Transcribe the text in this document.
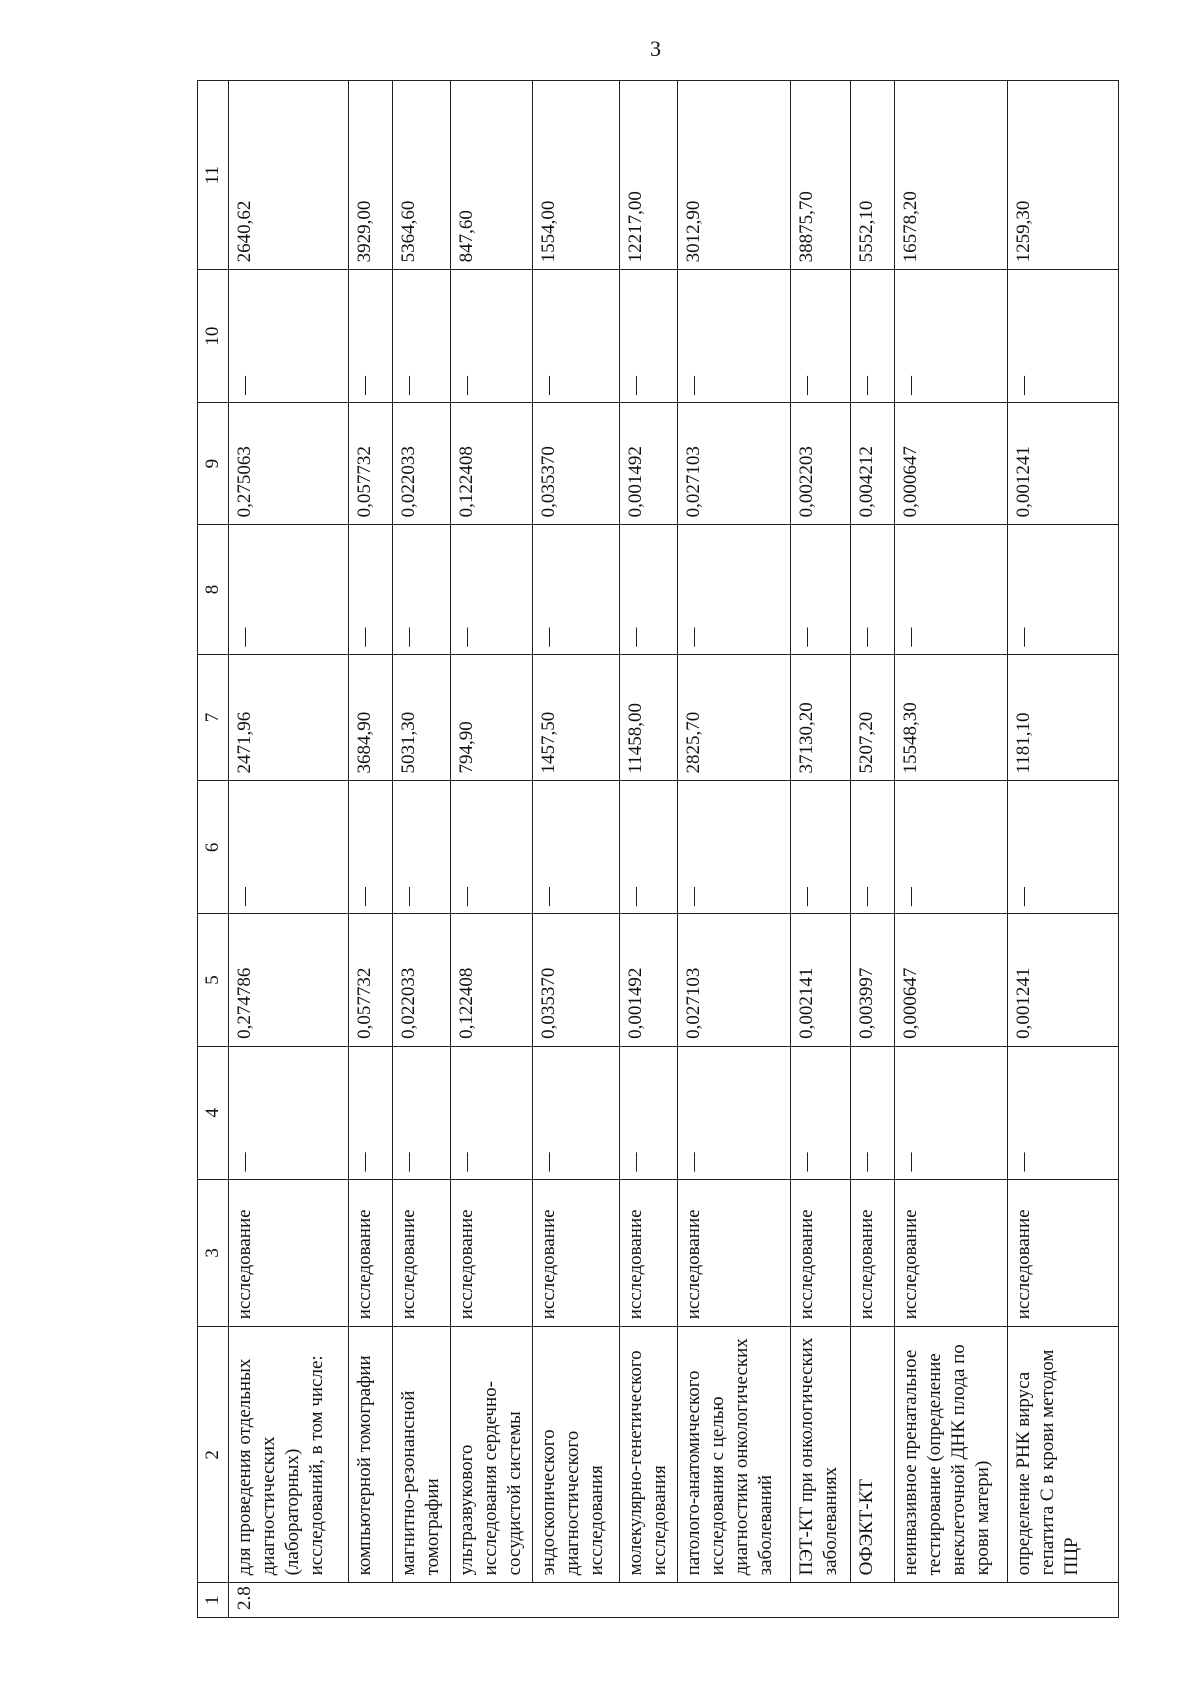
3
1	2	3	4	5	6	7	8	9	10	11
2.8	для проведения отдельных диагностических (лабораторных) исследований, в том числе:	исследование	—	0,274786	—	2471,96	—	0,275063	—	2640,62
	компьютерной томографии	исследование	—	0,057732	—	3684,90	—	0,057732	—	3929,00
	магнитно-резонансной томографии	исследование	—	0,022033	—	5031,30	—	0,022033	—	5364,60
	ультразвукового исследования сердечно-сосудистой системы	исследование	—	0,122408	—	794,90	—	0,122408	—	847,60
	эндоскопического диагностического исследования	исследование	—	0,035370	—	1457,50	—	0,035370	—	1554,00
	молекулярно-генетического исследования	исследование	—	0,001492	—	11458,00	—	0,001492	—	12217,00
	патолого-анатомического исследования с целью диагностики онкологических заболеваний	исследование	—	0,027103	—	2825,70	—	0,027103	—	3012,90
	ПЭТ-КТ при онкологических заболеваниях	исследование	—	0,002141	—	37130,20	—	0,002203	—	38875,70
	ОФЭКТ-КТ	исследование	—	0,003997	—	5207,20	—	0,004212	—	5552,10
	неинвазивное пренатальное тестирование (определение внеклеточной ДНК плода по крови матери)	исследование	—	0,000647	—	15548,30	—	0,000647	—	16578,20
	определение РНК вируса гепатита С в крови методом ПЦР	исследование	—	0,001241	—	1181,10	—	0,001241	—	1259,30
